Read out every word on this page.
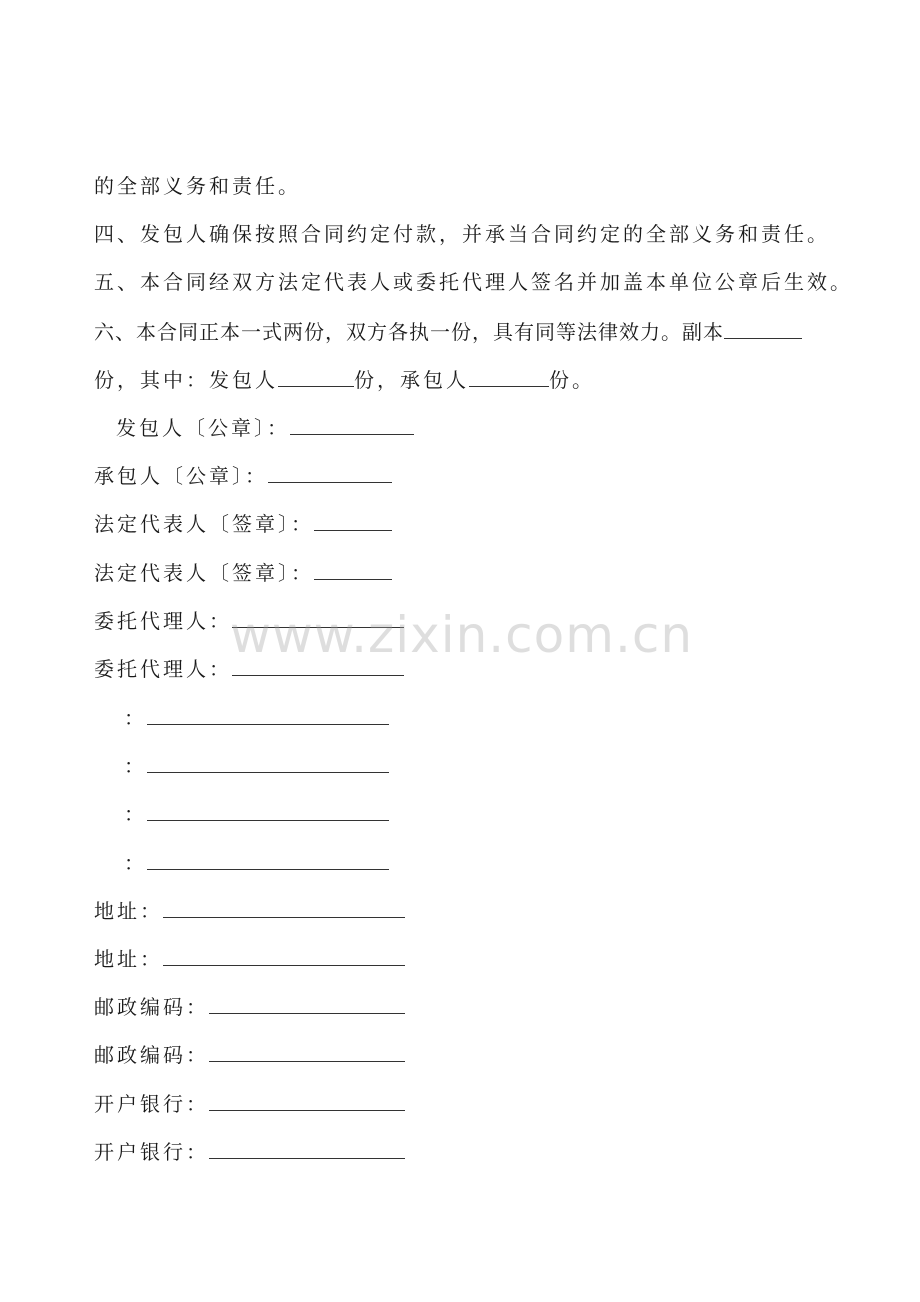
的全部义务和责任。
四、发包人确保按照合同约定付款，并承当合同约定的全部义务和责任。
五、本合同经双方法定代表人或委托代理人签名并加盖本单位公章后生效。
六、本合同正本一式两份，双方各执一份，具有同等法律效力。副本
份，其中：发包人	份，承包人	份。
发包人〔公章〕：
承包人〔公章〕：
法定代表人〔签章〕：
法定代表人〔签章〕：
委托代理人：
委托代理人：
：
：
：
：
地址：
地址：
邮政编码：
邮政编码：
开户银行：
开户银行：
www.zixin.com.cn
